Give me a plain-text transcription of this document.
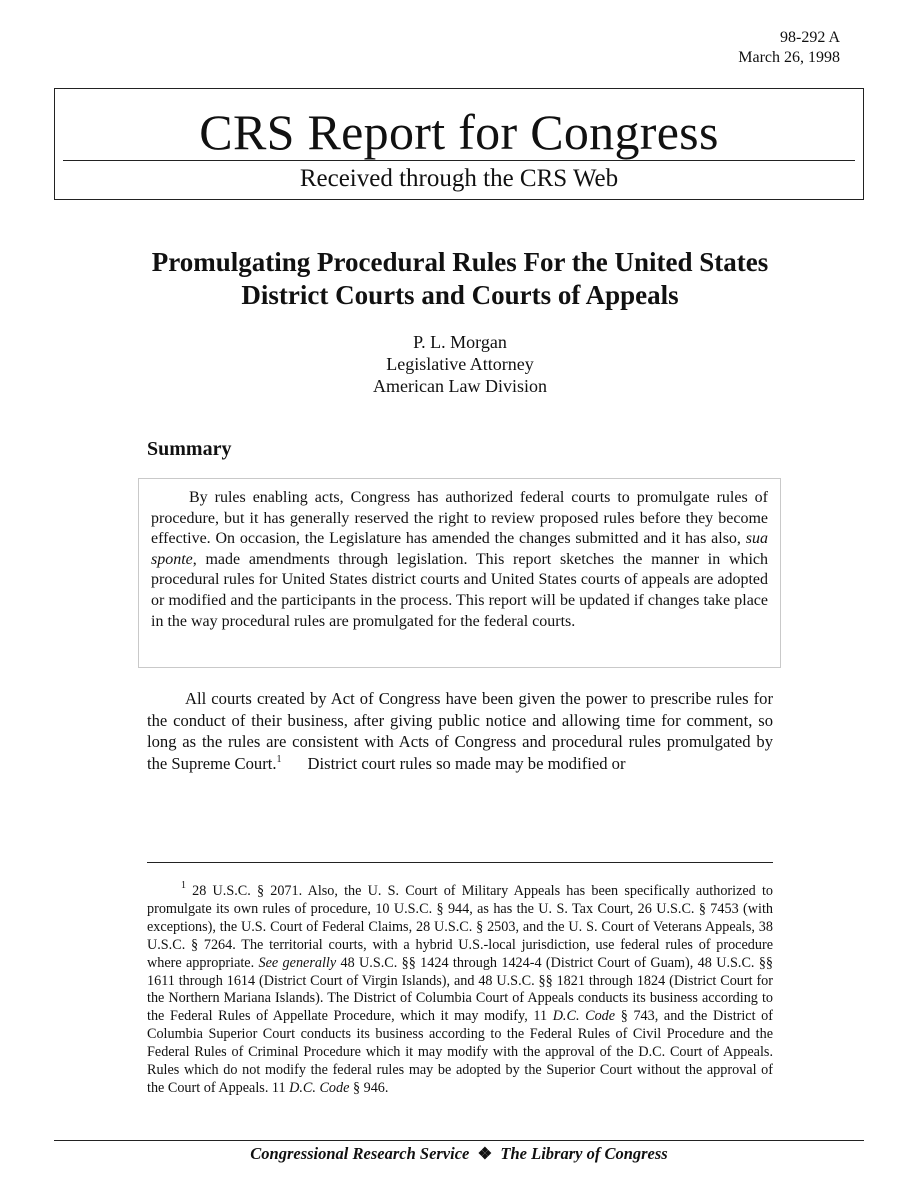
98-292 A
March 26, 1998
CRS Report for Congress
Received through the CRS Web
Promulgating Procedural Rules For the United States District Courts and Courts of Appeals
P. L. Morgan
Legislative Attorney
American Law Division
Summary

By rules enabling acts, Congress has authorized federal courts to promulgate rules of procedure, but it has generally reserved the right to review proposed rules before they become effective. On occasion, the Legislature has amended the changes submitted and it has also, sua sponte, made amendments through legislation. This report sketches the manner in which procedural rules for United States district courts and United States courts of appeals are adopted or modified and the participants in the process. This report will be updated if changes take place in the way procedural rules are promulgated for the federal courts.

All courts created by Act of Congress have been given the power to prescribe rules for the conduct of their business, after giving public notice and allowing time for comment, so long as the rules are consistent with Acts of Congress and procedural rules promulgated by the Supreme Court.$^1$ District court rules so made may be modified or

$^1$ 28 U.S.C. § 2071. Also, the U. S. Court of Military Appeals has been specifically authorized to promulgate its own rules of procedure, 10 U.S.C. § 944, as has the U. S. Tax Court, 26 U.S.C. § 7453 (with exceptions), the U.S. Court of Federal Claims, 28 U.S.C. § 2503, and the U. S. Court of Veterans Appeals, 38 U.S.C. § 7264. The territorial courts, with a hybrid U.S.-local jurisdiction, use federal rules of procedure where appropriate. See generally 48 U.S.C. §§ 1424 through 1424-4 (District Court of Guam), 48 U.S.C. §§ 1611 through 1614 (District Court of Virgin Islands), and 48 U.S.C. §§ 1821 through 1824 (District Court for the Northern Mariana Islands). The District of Columbia Court of Appeals conducts its business according to the Federal Rules of Appellate Procedure, which it may modify, 11 D.C. Code § 743, and the District of Columbia Superior Court conducts its business according to the Federal Rules of Civil Procedure and the Federal Rules of Criminal Procedure which it may modify with the approval of the D.C. Court of Appeals. Rules which do not modify the federal rules may be adopted by the Superior Court without the approval of the Court of Appeals. 11 D.C. Code § 946.

Congressional Research Service ❖ The Library of Congress
